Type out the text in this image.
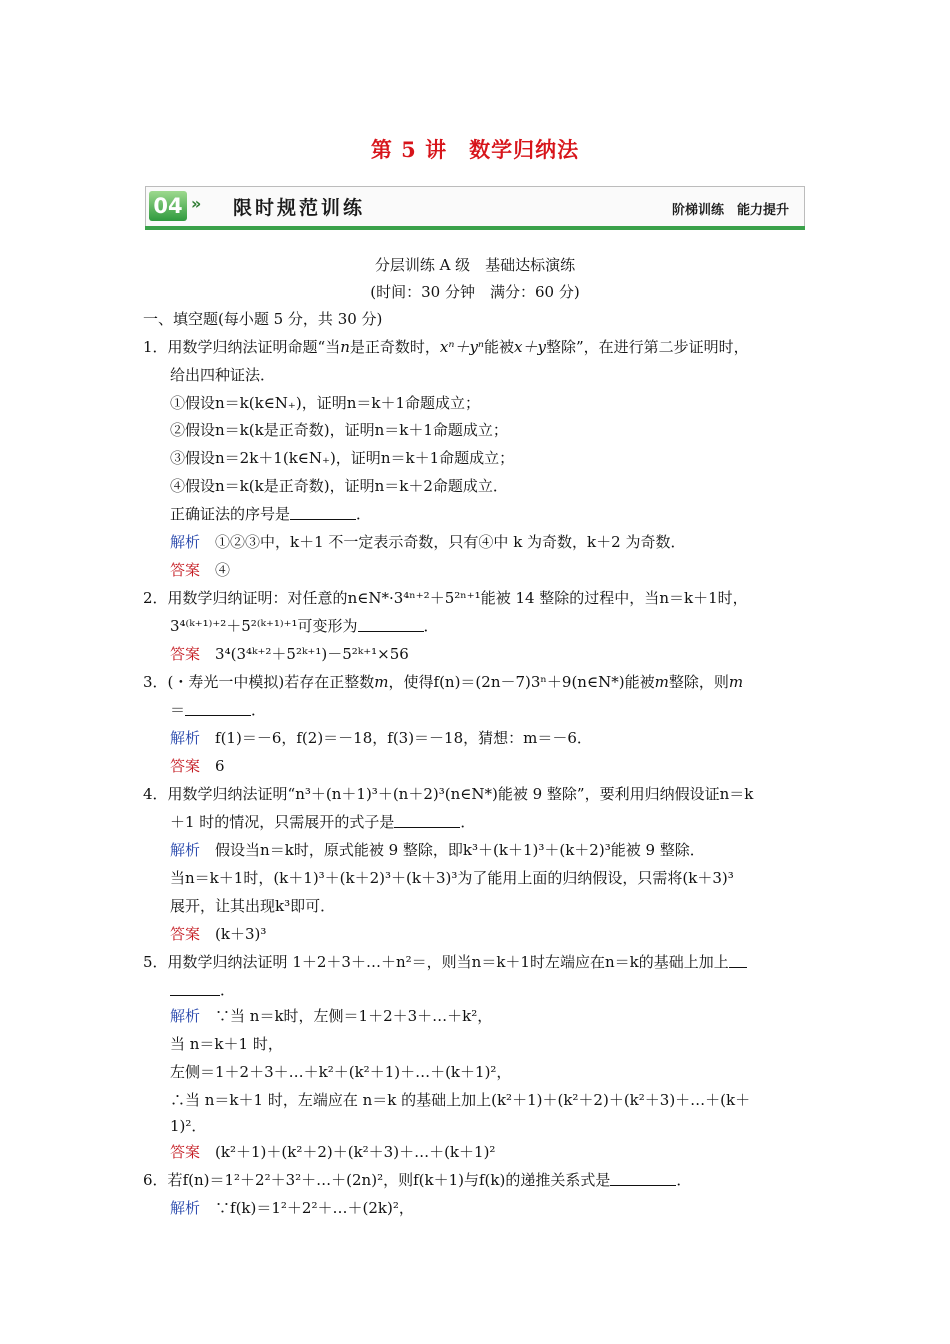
第 5 讲　数学归纳法
04 » 限时规范训练	阶梯训练　能力提升
分层训练 A 级　基础达标演练
(时间：30 分钟　满分：60 分)
一、填空题(每小题 5 分，共 30 分)
1．用数学归纳法证明命题“当n是正奇数时，xⁿ＋yⁿ能被x＋y整除”，在进行第二步证明时，
给出四种证法．
①假设n＝k(k∈N₊)，证明n＝k＋1命题成立；
②假设n＝k(k是正奇数)，证明n＝k＋1命题成立；
③假设n＝2k＋1(k∈N₊)，证明n＝k＋1命题成立；
④假设n＝k(k是正奇数)，证明n＝k＋2命题成立．
正确证法的序号是	．
解析　 ①②③中，k＋1 不一定表示奇数，只有④中 k 为奇数，k＋2 为奇数．
答案　 ④
2．用数学归纳证明：对任意的n∈N*·3⁴ⁿ⁺²＋5²ⁿ⁺¹能被 14 整除的过程中，当n＝k＋1时，
3⁴⁽ᵏ⁺¹⁾⁺²＋5²⁽ᵏ⁺¹⁾⁺¹可变形为	．
答案　 3⁴(3⁴ᵏ⁺²＋5²ᵏ⁺¹)－5²ᵏ⁺¹×56
3．(・寿光一中模拟)若存在正整数m，使得f(n)＝(2n－7)3ⁿ＋9(n∈N*)能被m整除，则m
＝	．
解析　 f(1)＝－6，f(2)＝－18，f(3)＝－18，猜想：m＝－6．
答案　 6
4．用数学归纳法证明“n³＋(n＋1)³＋(n＋2)³(n∈N*)能被 9 整除”，要利用归纳假设证n＝k
＋1 时的情况，只需展开的式子是	．
解析　 假设当n＝k时，原式能被 9 整除，即k³＋(k＋1)³＋(k＋2)³能被 9 整除．
当n＝k＋1时，(k＋1)³＋(k＋2)³＋(k＋3)³为了能用上面的归纳假设，只需将(k＋3)³
展开，让其出现k³即可．
答案　 (k＋3)³
5．用数学归纳法证明 1＋2＋3＋…＋n²＝，则当n＝k＋1时左端应在n＝k的基础上加上
．
解析　 ∵当 n＝k时，左侧＝1＋2＋3＋…＋k²，
当 n＝k＋1 时，
左侧＝1＋2＋3＋…＋k²＋(k²＋1)＋…＋(k＋1)²，
∴当 n＝k＋1 时，左端应在 n＝k 的基础上加上(k²＋1)＋(k²＋2)＋(k²＋3)＋…＋(k＋
1)²．
答案　 (k²＋1)＋(k²＋2)＋(k²＋3)＋…＋(k＋1)²
6．若f(n)＝1²＋2²＋3²＋…＋(2n)²，则f(k＋1)与f(k)的递推关系式是	．
解析　 ∵f(k)＝1²＋2²＋…＋(2k)²，
